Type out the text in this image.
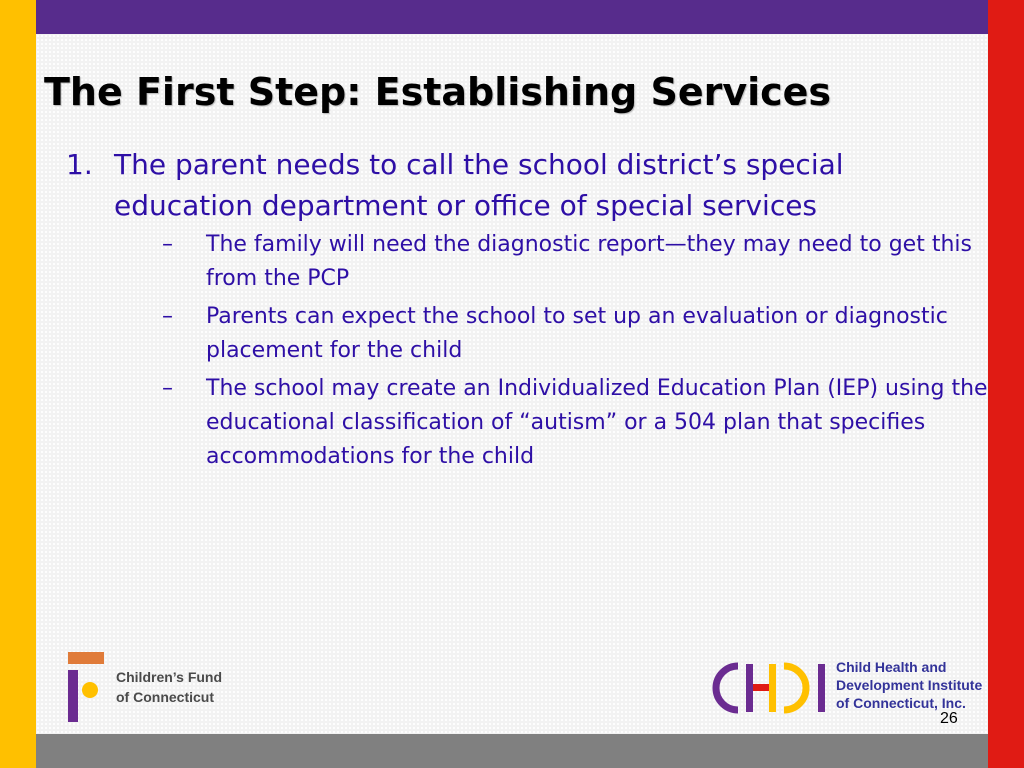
The First Step: Establishing Services
1. The parent needs to call the school district’s special education department or office of special services
– The family will need the diagnostic report—they may need to get this from the PCP
– Parents can expect the school to set up an evaluation or diagnostic placement for the child
– The school may create an Individualized Education Plan (IEP) using the educational classification of “autism” or a 504 plan that specifies accommodations for the child
Children’s Fund
of Connecticut
Child Health and
Development Institute
of Connecticut, Inc.
26
